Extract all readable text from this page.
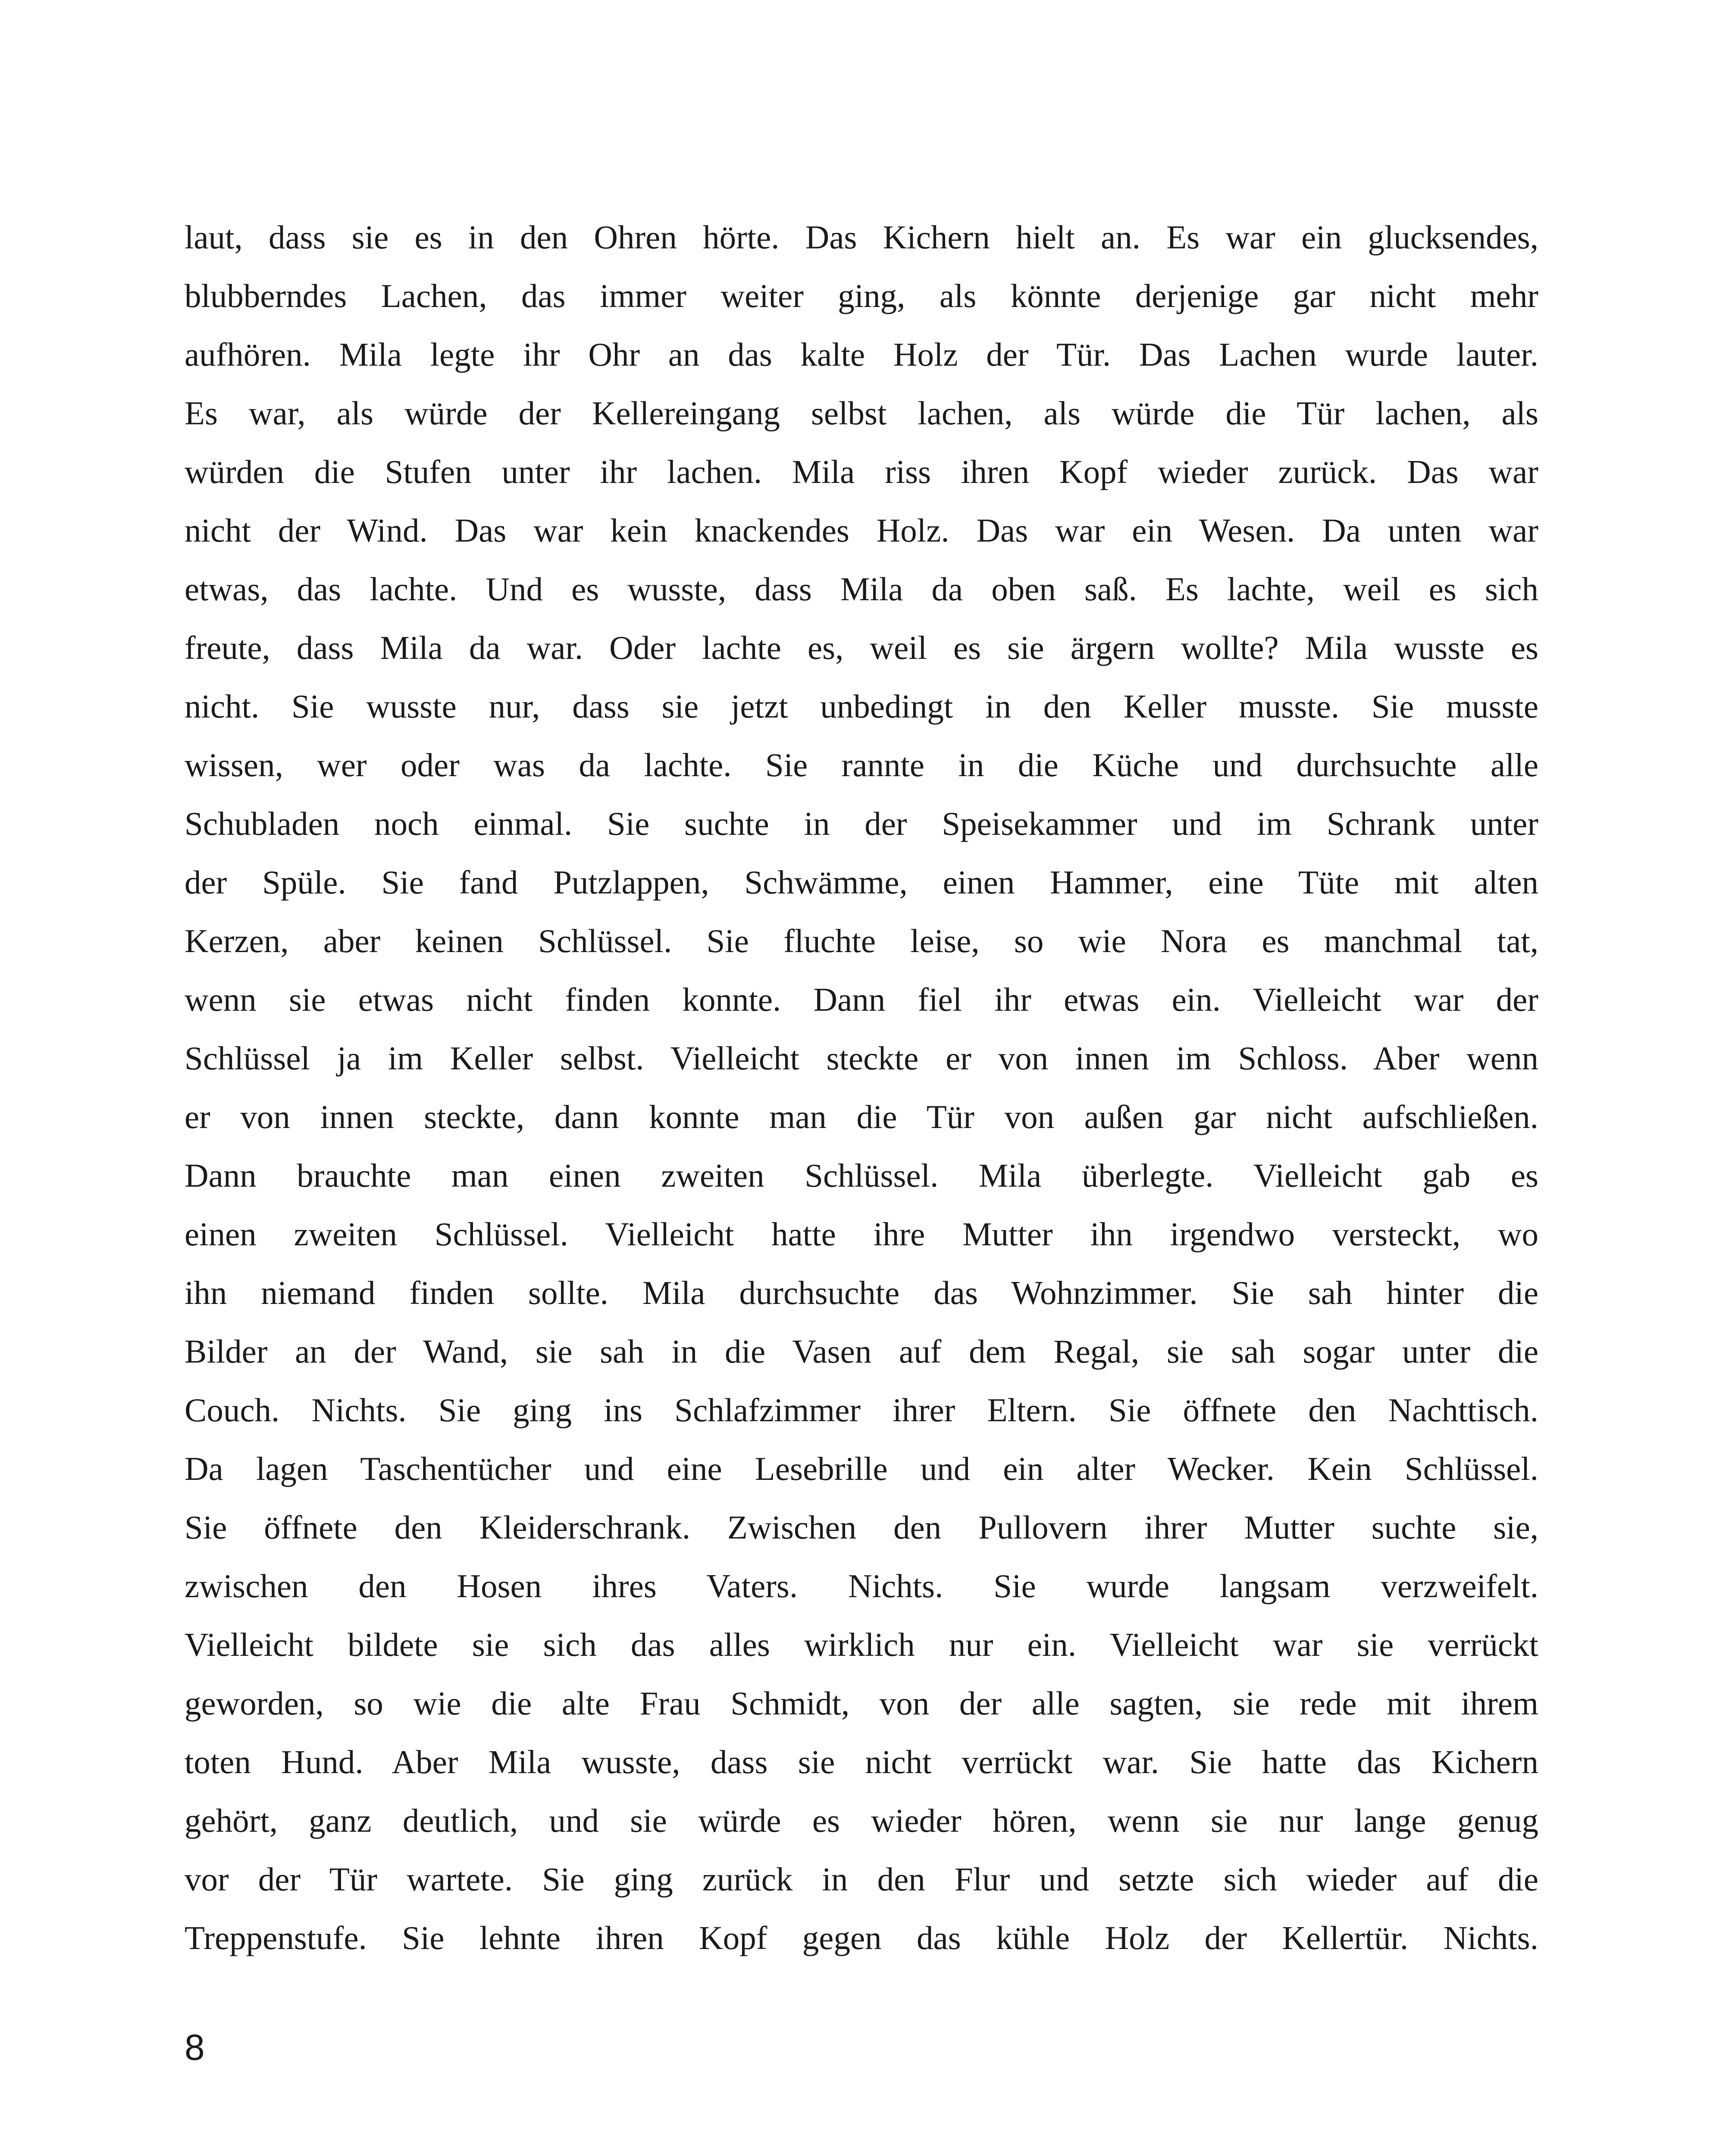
laut, dass sie es in den Ohren hörte. Das Kichern hielt an. Es war ein glucksendes,
blubberndes Lachen, das immer weiter ging, als könnte derjenige gar nicht mehr
aufhören. Mila legte ihr Ohr an das kalte Holz der Tür. Das Lachen wurde lauter.
Es war, als würde der Kellereingang selbst lachen, als würde die Tür lachen, als
würden die Stufen unter ihr lachen. Mila riss ihren Kopf wieder zurück. Das war
nicht der Wind. Das war kein knackendes Holz. Das war ein Wesen. Da unten war
etwas, das lachte. Und es wusste, dass Mila da oben saß. Es lachte, weil es sich
freute, dass Mila da war. Oder lachte es, weil es sie ärgern wollte? Mila wusste es
nicht. Sie wusste nur, dass sie jetzt unbedingt in den Keller musste. Sie musste
wissen, wer oder was da lachte. Sie rannte in die Küche und durchsuchte alle
Schubladen noch einmal. Sie suchte in der Speisekammer und im Schrank unter
der Spüle. Sie fand Putzlappen, Schwämme, einen Hammer, eine Tüte mit alten
Kerzen, aber keinen Schlüssel. Sie fluchte leise, so wie Nora es manchmal tat,
wenn sie etwas nicht finden konnte. Dann fiel ihr etwas ein. Vielleicht war der
Schlüssel ja im Keller selbst. Vielleicht steckte er von innen im Schloss. Aber wenn
er von innen steckte, dann konnte man die Tür von außen gar nicht aufschließen.
Dann brauchte man einen zweiten Schlüssel. Mila überlegte. Vielleicht gab es
einen zweiten Schlüssel. Vielleicht hatte ihre Mutter ihn irgendwo versteckt, wo
ihn niemand finden sollte. Mila durchsuchte das Wohnzimmer. Sie sah hinter die
Bilder an der Wand, sie sah in die Vasen auf dem Regal, sie sah sogar unter die
Couch. Nichts. Sie ging ins Schlafzimmer ihrer Eltern. Sie öffnete den Nachttisch.
Da lagen Taschentücher und eine Lesebrille und ein alter Wecker. Kein Schlüssel.
Sie öffnete den Kleiderschrank. Zwischen den Pullovern ihrer Mutter suchte sie,
zwischen den Hosen ihres Vaters. Nichts. Sie wurde langsam verzweifelt.
Vielleicht bildete sie sich das alles wirklich nur ein. Vielleicht war sie verrückt
geworden, so wie die alte Frau Schmidt, von der alle sagten, sie rede mit ihrem
toten Hund. Aber Mila wusste, dass sie nicht verrückt war. Sie hatte das Kichern
gehört, ganz deutlich, und sie würde es wieder hören, wenn sie nur lange genug
vor der Tür wartete. Sie ging zurück in den Flur und setzte sich wieder auf die
Treppenstufe. Sie lehnte ihren Kopf gegen das kühle Holz der Kellertür. Nichts.
8
